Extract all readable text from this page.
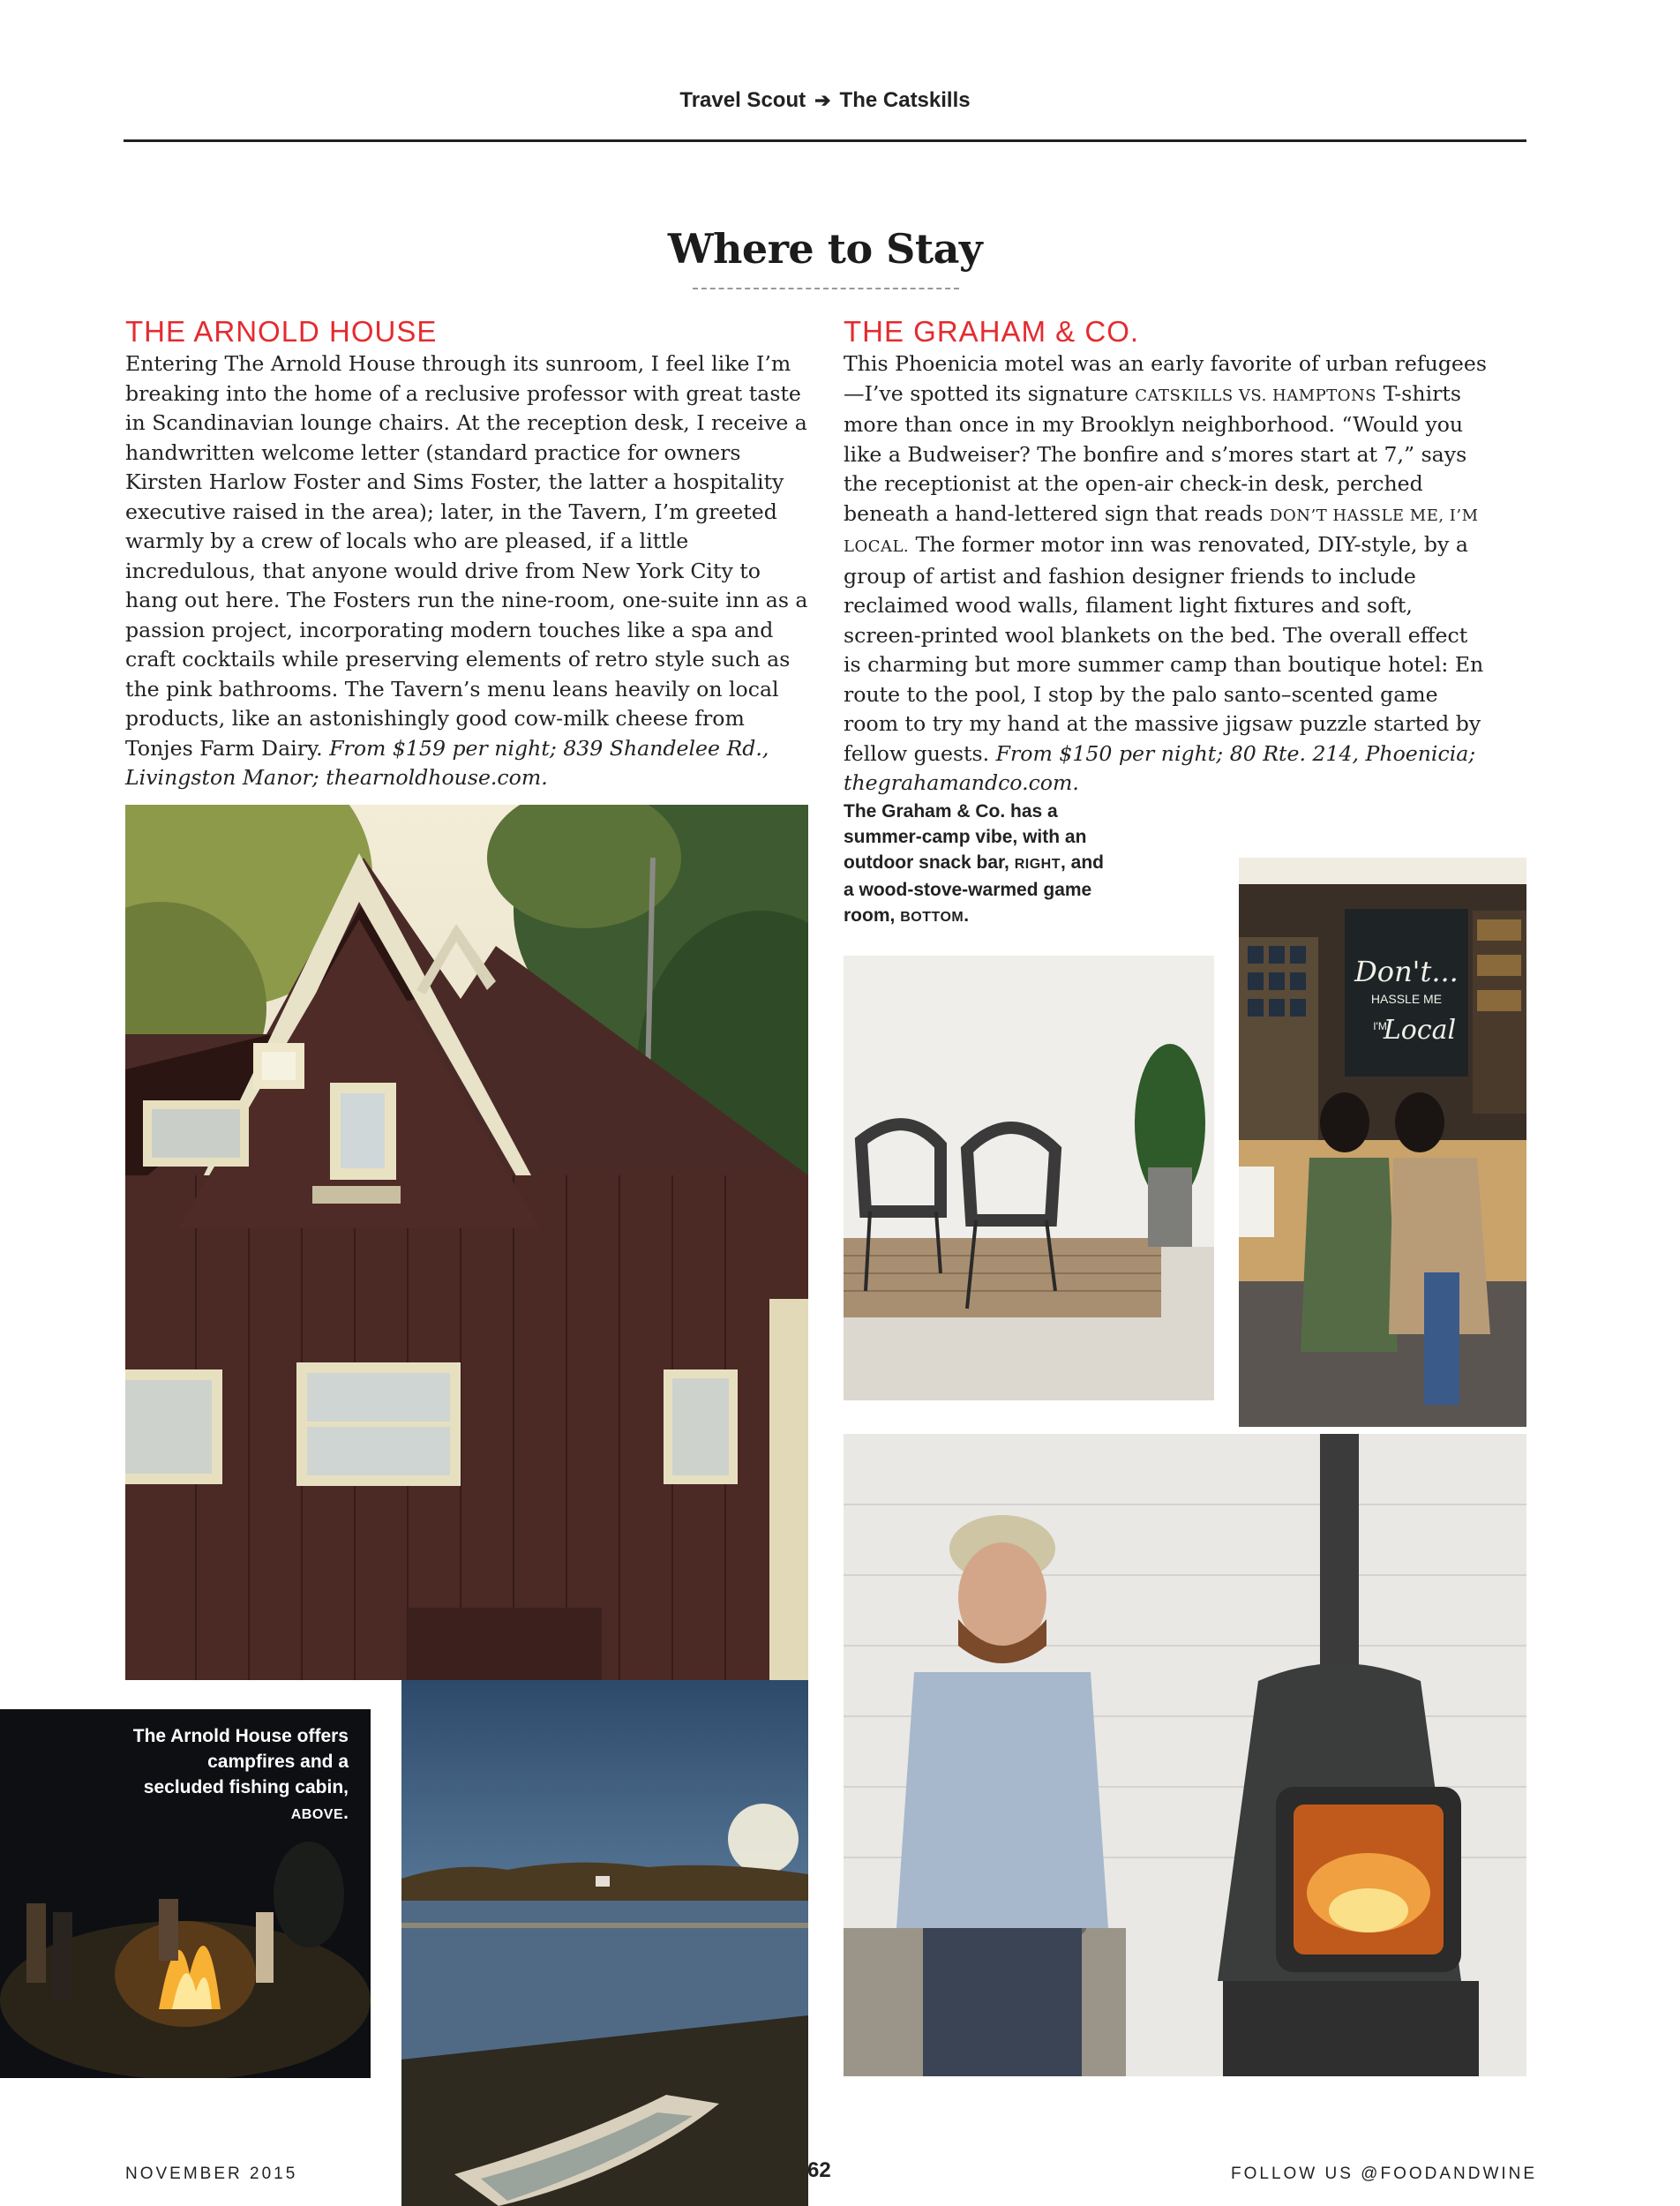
Travel Scout ➔ The Catskills
Where to Stay
THE ARNOLD HOUSE
Entering The Arnold House through its sunroom, I feel like I’m breaking into the home of a reclusive professor with great taste in Scandinavian lounge chairs. At the reception desk, I receive a handwritten welcome letter (standard practice for owners Kirsten Harlow Foster and Sims Foster, the latter a hospitality executive raised in the area); later, in the Tavern, I’m greeted warmly by a crew of locals who are pleased, if a little incredulous, that anyone would drive from New York City to hang out here. The Fosters run the nine-room, one-suite inn as a passion project, incorporating modern touches like a spa and craft cocktails while preserving elements of retro style such as the pink bathrooms. The Tavern’s menu leans heavily on local products, like an astonishingly good cow-milk cheese from Tonjes Farm Dairy. From $159 per night; 839 Shandelee Rd., Livingston Manor; thearnoldhouse.com.
THE GRAHAM & CO.
This Phoenicia motel was an early favorite of urban refugees—I’ve spotted its signature CATSKILLS VS. HAMPTONS T-shirts more than once in my Brooklyn neighborhood. “Would you like a Budweiser? The bonfire and s’mores start at 7,” says the receptionist at the open-air check-in desk, perched beneath a hand-lettered sign that reads DON’T HASSLE ME, I’M LOCAL. The former motor inn was renovated, DIY-style, by a group of artist and fashion designer friends to include reclaimed wood walls, filament light fixtures and soft, screen-printed wool blankets on the bed. The overall effect is charming but more summer camp than boutique hotel: En route to the pool, I stop by the palo santo–scented game room to try my hand at the massive jigsaw puzzle started by fellow guests. From $150 per night; 80 Rte. 214, Phoenicia; thegrahamandco.com.
The Graham & Co. has a summer-camp vibe, with an outdoor snack bar, RIGHT, and a wood-stove-warmed game room, BOTTOM.
Don't...
HASSLE ME
I'M
Local
The Arnold House offers campfires and a secluded fishing cabin, ABOVE.
NOVEMBER 2015	62	FOLLOW US @FOODANDWINE
